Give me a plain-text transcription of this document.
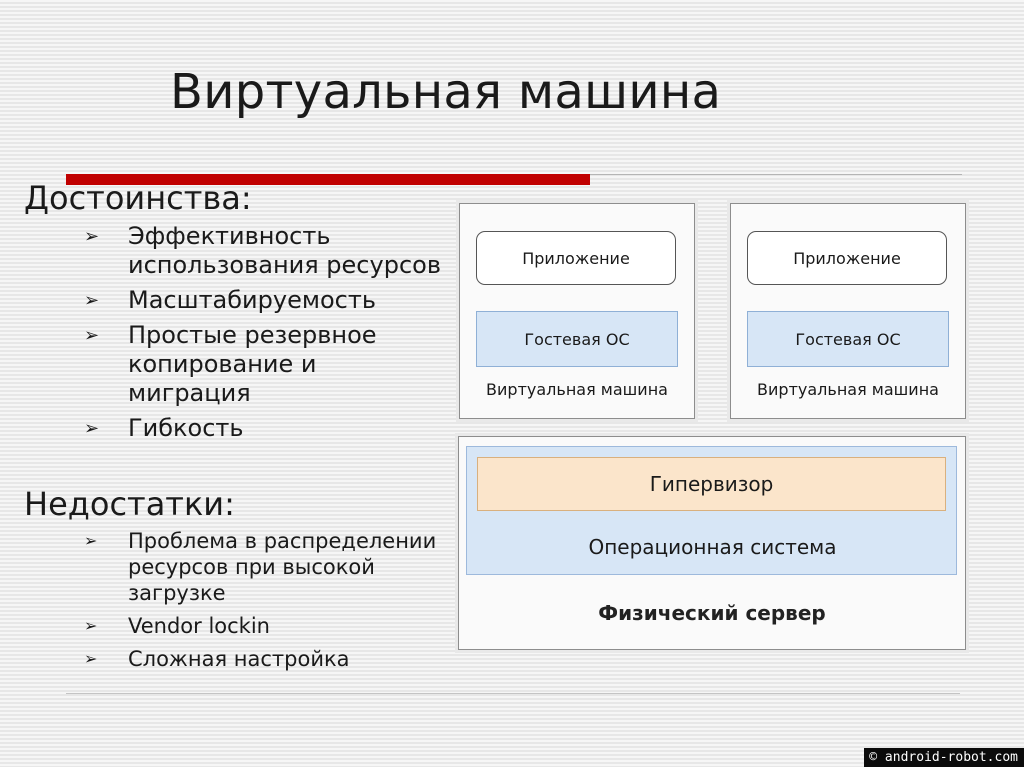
Виртуальная машина
Достоинства:
➢ Эффективность использования ресурсов
➢ Масштабируемость
➢ Простые резервное копирование и миграция
➢ Гибкость
Недостатки:
➢ Проблема в распределении ресурсов при высокой загрузке
➢ Vendor lockin
➢ Сложная настройка
Приложение
Гостевая ОС
Виртуальная машина
Приложение
Гостевая ОС
Виртуальная машина
Гипервизор
Операционная система
Физический сервер
© android-robot.com
